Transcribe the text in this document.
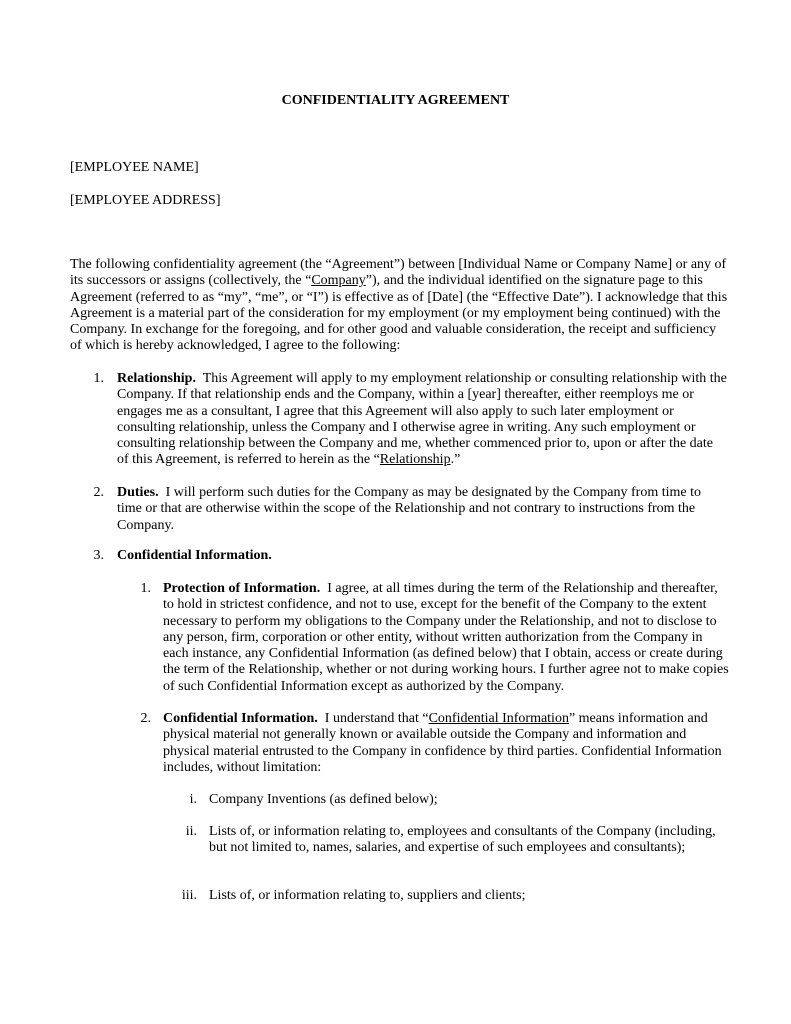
CONFIDENTIALITY AGREEMENT
[EMPLOYEE NAME]
[EMPLOYEE ADDRESS]
The following confidentiality agreement (the “Agreement”) between [Individual Name or Company Name] or any of its successors or assigns (collectively, the “Company”), and the individual identified on the signature page to this Agreement (referred to as “my”, “me”, or “I”) is effective as of [Date] (the “Effective Date”). I acknowledge that this Agreement is a material part of the consideration for my employment (or my employment being continued) with the Company. In exchange for the foregoing, and for other good and valuable consideration, the receipt and sufficiency of which is hereby acknowledged, I agree to the following:
1. Relationship. This Agreement will apply to my employment relationship or consulting relationship with the Company. If that relationship ends and the Company, within a [year] thereafter, either reemploys me or engages me as a consultant, I agree that this Agreement will also apply to such later employment or consulting relationship, unless the Company and I otherwise agree in writing. Any such employment or consulting relationship between the Company and me, whether commenced prior to, upon or after the date of this Agreement, is referred to herein as the “Relationship.”
2. Duties. I will perform such duties for the Company as may be designated by the Company from time to time or that are otherwise within the scope of the Relationship and not contrary to instructions from the Company.
3. Confidential Information.
1. Protection of Information. I agree, at all times during the term of the Relationship and thereafter, to hold in strictest confidence, and not to use, except for the benefit of the Company to the extent necessary to perform my obligations to the Company under the Relationship, and not to disclose to any person, firm, corporation or other entity, without written authorization from the Company in each instance, any Confidential Information (as defined below) that I obtain, access or create during the term of the Relationship, whether or not during working hours. I further agree not to make copies of such Confidential Information except as authorized by the Company.
2. Confidential Information. I understand that “Confidential Information” means information and physical material not generally known or available outside the Company and information and physical material entrusted to the Company in confidence by third parties. Confidential Information includes, without limitation:
i. Company Inventions (as defined below);
ii. Lists of, or information relating to, employees and consultants of the Company (including, but not limited to, names, salaries, and expertise of such employees and consultants);
iii. Lists of, or information relating to, suppliers and clients;
